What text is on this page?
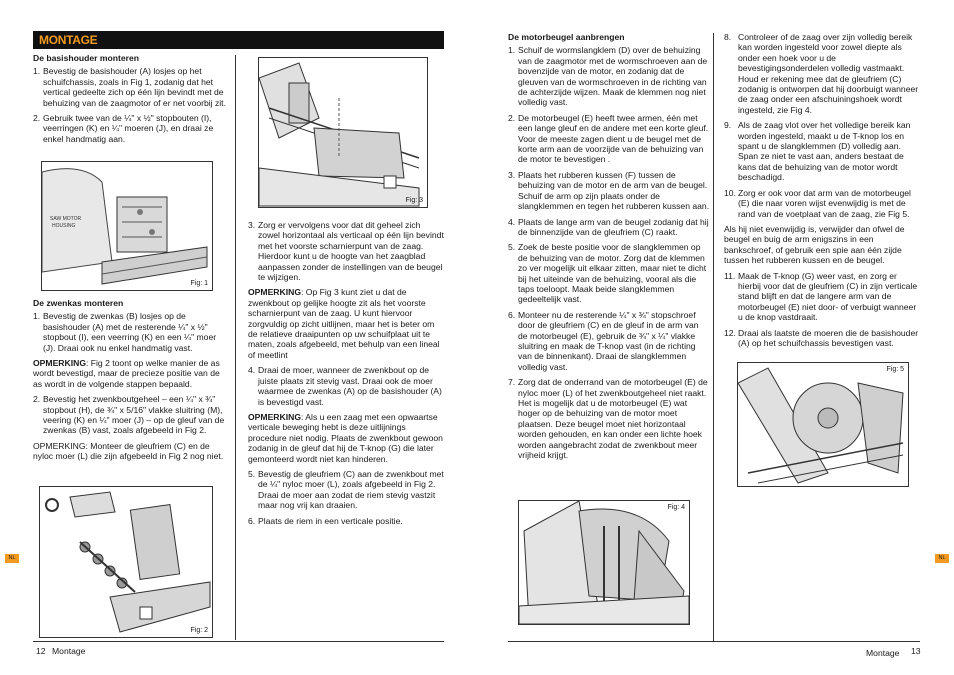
MONTAGE
De basishouder monteren
1. Bevestig de basishouder (A) losjes op het schuifchassis, zoals in Fig 1, zodanig dat het vertical gedeelte zich op één lijn bevindt met de behuizing van de zaagmotor of er net voorbij zit.
2. Gebruik twee van de ¼" x ½" stopbouten (I), veerringen (K) en ¼" moeren (J), en draai ze enkel handmatig aan.
SAW MOTOR
HOUSING
Fig: 1
De zwenkas monteren
1. Bevestig de zwenkas (B) losjes op de basishouder (A) met de resterende ¼" x ½" stopbout (I), een veerring (K) en een ¼" moer (J). Draai ook nu enkel handmatig vast.

OPMERKING: Fig 2 toont op welke manier de as wordt bevestigd, maar de precieze positie van de as wordt in de volgende stappen bepaald.

2. Bevestig het zwenkboutgeheel – een ¼" x ¾" stopbout (H), de ¾" x 5/16" vlakke sluitring (M), veering (K) en ¼" moer (J) – op de gleuf van de zwenkas (B) vast, zoals afgebeeld in Fig 2.

OPMERKING: Monteer de gleufriem (C) en de nyloc moer (L) die zijn afgebeeld in Fig 2 nog niet.

Fig: 2
Fig: 3
3. Zorg er vervolgens voor dat dit geheel zich zowel horizontaal als verticaal op één lijn bevindt met het voorste scharnierpunt van de zaag. Hierdoor kunt u de hoogte van het zaagblad aanpassen zonder de instellingen van de beugel te wijzigen.

OPMERKING: Op Fig 3 kunt ziet u dat de zwenkbout op gelijke hoogte zit als het voorste scharnierpunt van de zaag. U kunt hiervoor zorgvuldig op zicht uitlijnen, maar het is beter om de relatieve draaipunten op uw schuifplaat uit te maten, zoals afgebeeld, met behulp van een lineal of meetlint

4. Draai de moer, wanneer de zwenkbout op de juiste plaats zit stevig vast. Draai ook de moer waarmee de zwenkas (A) op de basishouder (A) is bevestigd vast.

OPMERKING: Als u een zaag met een opwaartse verticale beweging hebt is deze uitlijnings procedure niet nodig. Plaats de zwenkbout gewoon zodanig in de gleuf dat hij de T-knop (G) die later gemonteerd wordt niet kan hinderen.

5. Bevestig de gleufriem (C) aan de zwenkbout met de ¼" nyloc moer (L), zoals afgebeeld in Fig 2. Draai de moer aan zodat de riem stevig vastzit maar nog vrij kan draaien.
6. Plaats de riem in een verticale positie.
12 Montage
NL
De motorbeugel aanbrengen
1. Schuif de wormslangklem (D) over de behuizing van de zaagmotor met de wormschroeven aan de bovenzijde van de motor, en zodanig dat de gleuven van de wormschroeven in de richting van de achterzijde wijzen. Maak de klemmen nog niet volledig vast.
2. De motorbeugel (E) heeft twee armen, één met een lange gleuf en de andere met een korte gleuf. Voor de meeste zagen dient u de beugel met de korte arm aan de voorzijde van de behuizing van de motor te bevestigen .
3. Plaats het rubberen kussen (F) tussen de behuizing van de motor en de arm van de beugel. Schuif de arm op zijn plaats onder de slangklemmen en tegen het rubberen kussen aan.
4. Plaats de lange arm van de beugel zodanig dat hij de binnenzijde van de gleufriem (C) raakt.
5. Zoek de beste positie voor de slangklemmen op de behuizing van de motor. Zorg dat de klemmen zo ver mogelijk uit elkaar zitten, maar niet te dicht bij het uiteinde van de behuizing, vooral als die taps toeloopt. Maak beide slangklemmen gedeeltelijk vast.
6. Monteer nu de resterende ¼" x ¾" stopschroef door de gleufriem (C) en de gleuf in de arm van de motorbeugel (E), gebruik de ¾" x ¼" vlakke sluitring en maak de T-knop vast (in de richting van de binnenkant). Draai de slangklemmen volledig vast.
7. Zorg dat de onderrand van de motorbeugel (E) de nyloc moer (L) of het zwenkboutgeheel niet raakt. Het is mogelijk dat u de motorbeugel (E) wat hoger op de behuizing van de motor moet plaatsen. Deze beugel moet niet horizontaal worden gehouden, en kan onder een lichte hoek worden aangebracht zodat de zwenkbout meer vrijheid krijgt.
Fig: 4
8. Controleer of de zaag over zijn volledig bereik kan worden ingesteld voor zowel diepte als onder een hoek voor u de bevestigingsonderdelen volledig vastmaakt. Houd er rekening mee dat de gleufriem (C) zodanig is ontworpen dat hij doorbuigt wanneer de zaag onder een afschuiningshoek wordt ingesteld, zie Fig 4.
9. Als de zaag vlot over het volledige bereik kan worden ingesteld, maakt u de T-knop los en spant u de slangklemmen (D) volledig aan. Span ze niet te vast aan, anders bestaat de kans dat de behuizing van de motor wordt beschadigd.
10. Zorg er ook voor dat arm van de motorbeugel (E) die naar voren wijst evenwijdig is met de rand van de voetplaat van de zaag, zie Fig 5.

Als hij niet evenwijdig is, verwijder dan ofwel de beugel en buig de arm enigszins in een bankschroef, of gebruik een spie aan één zijde tussen het rubberen kussen en de beugel.

11. Maak de T-knop (G) weer vast, en zorg er hierbij voor dat de gleufriem (C) in zijn verticale stand blijft en dat de langere arm van de motorbeugel (E) niet door- of verbuigt wanneer u de knop vastdraait.
12. Draai als laatste de moeren die de basishouder (A) op het schuifchassis bevestigen vast.
Fig: 5
Montage 13
NL
